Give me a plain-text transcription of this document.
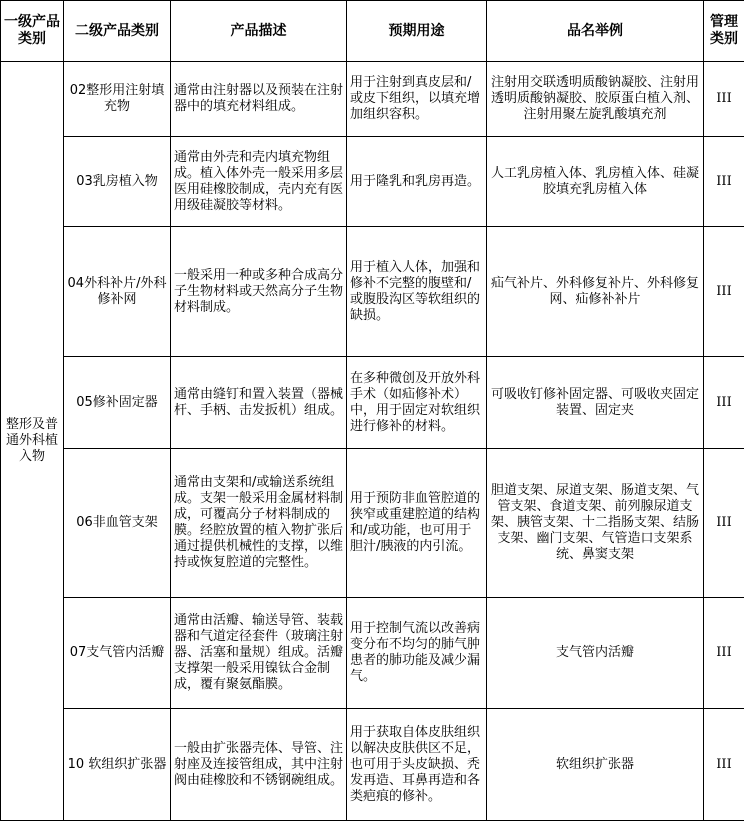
一级产品类别	二级产品类别	产品描述	预期用途	品名举例	管理类别
整形及普通外科植入物	02整形用注射填充物	通常由注射器以及预装在注射器中的填充材料组成。	用于注射到真皮层和/或皮下组织，以填充增加组织容积。	注射用交联透明质酸钠凝胶、注射用透明质酸钠凝胶、胶原蛋白植入剂、注射用聚左旋乳酸填充剂	III
	03乳房植入物	通常由外壳和壳内填充物组成。植入体外壳一般采用多层医用硅橡胶制成，壳内充有医用级硅凝胶等材料。	用于隆乳和乳房再造。	人工乳房植入体、乳房植入体、硅凝胶填充乳房植入体	III
	04外科补片/外科修补网	一般采用一种或多种合成高分子生物材料或天然高分子生物材料制成。	用于植入人体，加强和修补不完整的腹壁和/或腹股沟区等软组织的缺损。	疝气补片、外科修复补片、外科修复网、疝修补补片	III
	05修补固定器	通常由缝钉和置入装置（器械杆、手柄、击发扳机）组成。	在多种微创及开放外科手术（如疝修补术）中，用于固定对软组织进行修补的材料。	可吸收钉修补固定器、可吸收夹固定装置、固定夹	III
	06非血管支架	通常由支架和/或输送系统组成。支架一般采用金属材料制成，可覆高分子材料制成的膜。经腔放置的植入物扩张后通过提供机械性的支撑，以维持或恢复腔道的完整性。	用于预防非血管腔道的狭窄或重建腔道的结构和/或功能，也可用于胆汁/胰液的内引流。	胆道支架、尿道支架、肠道支架、气管支架、食道支架、前列腺尿道支架、胰管支架、十二指肠支架、结肠支架、幽门支架、气管造口支架系统、鼻窦支架	III
	07支气管内活瓣	通常由活瓣、输送导管、装载器和气道定径套件（玻璃注射器、活塞和量规）组成。活瓣支撑架一般采用镍钛合金制成，覆有聚氨酯膜。	用于控制气流以改善病变分布不均匀的肺气肿患者的肺功能及减少漏气。	支气管内活瓣	III
	10 软组织扩张器	一般由扩张器壳体、导管、注射座及连接管组成，其中注射阀由硅橡胶和不锈钢碗组成。	用于获取自体皮肤组织以解决皮肤供区不足，也可用于头皮缺损、秃发再造、耳鼻再造和各类疤痕的修补。	软组织扩张器	III
